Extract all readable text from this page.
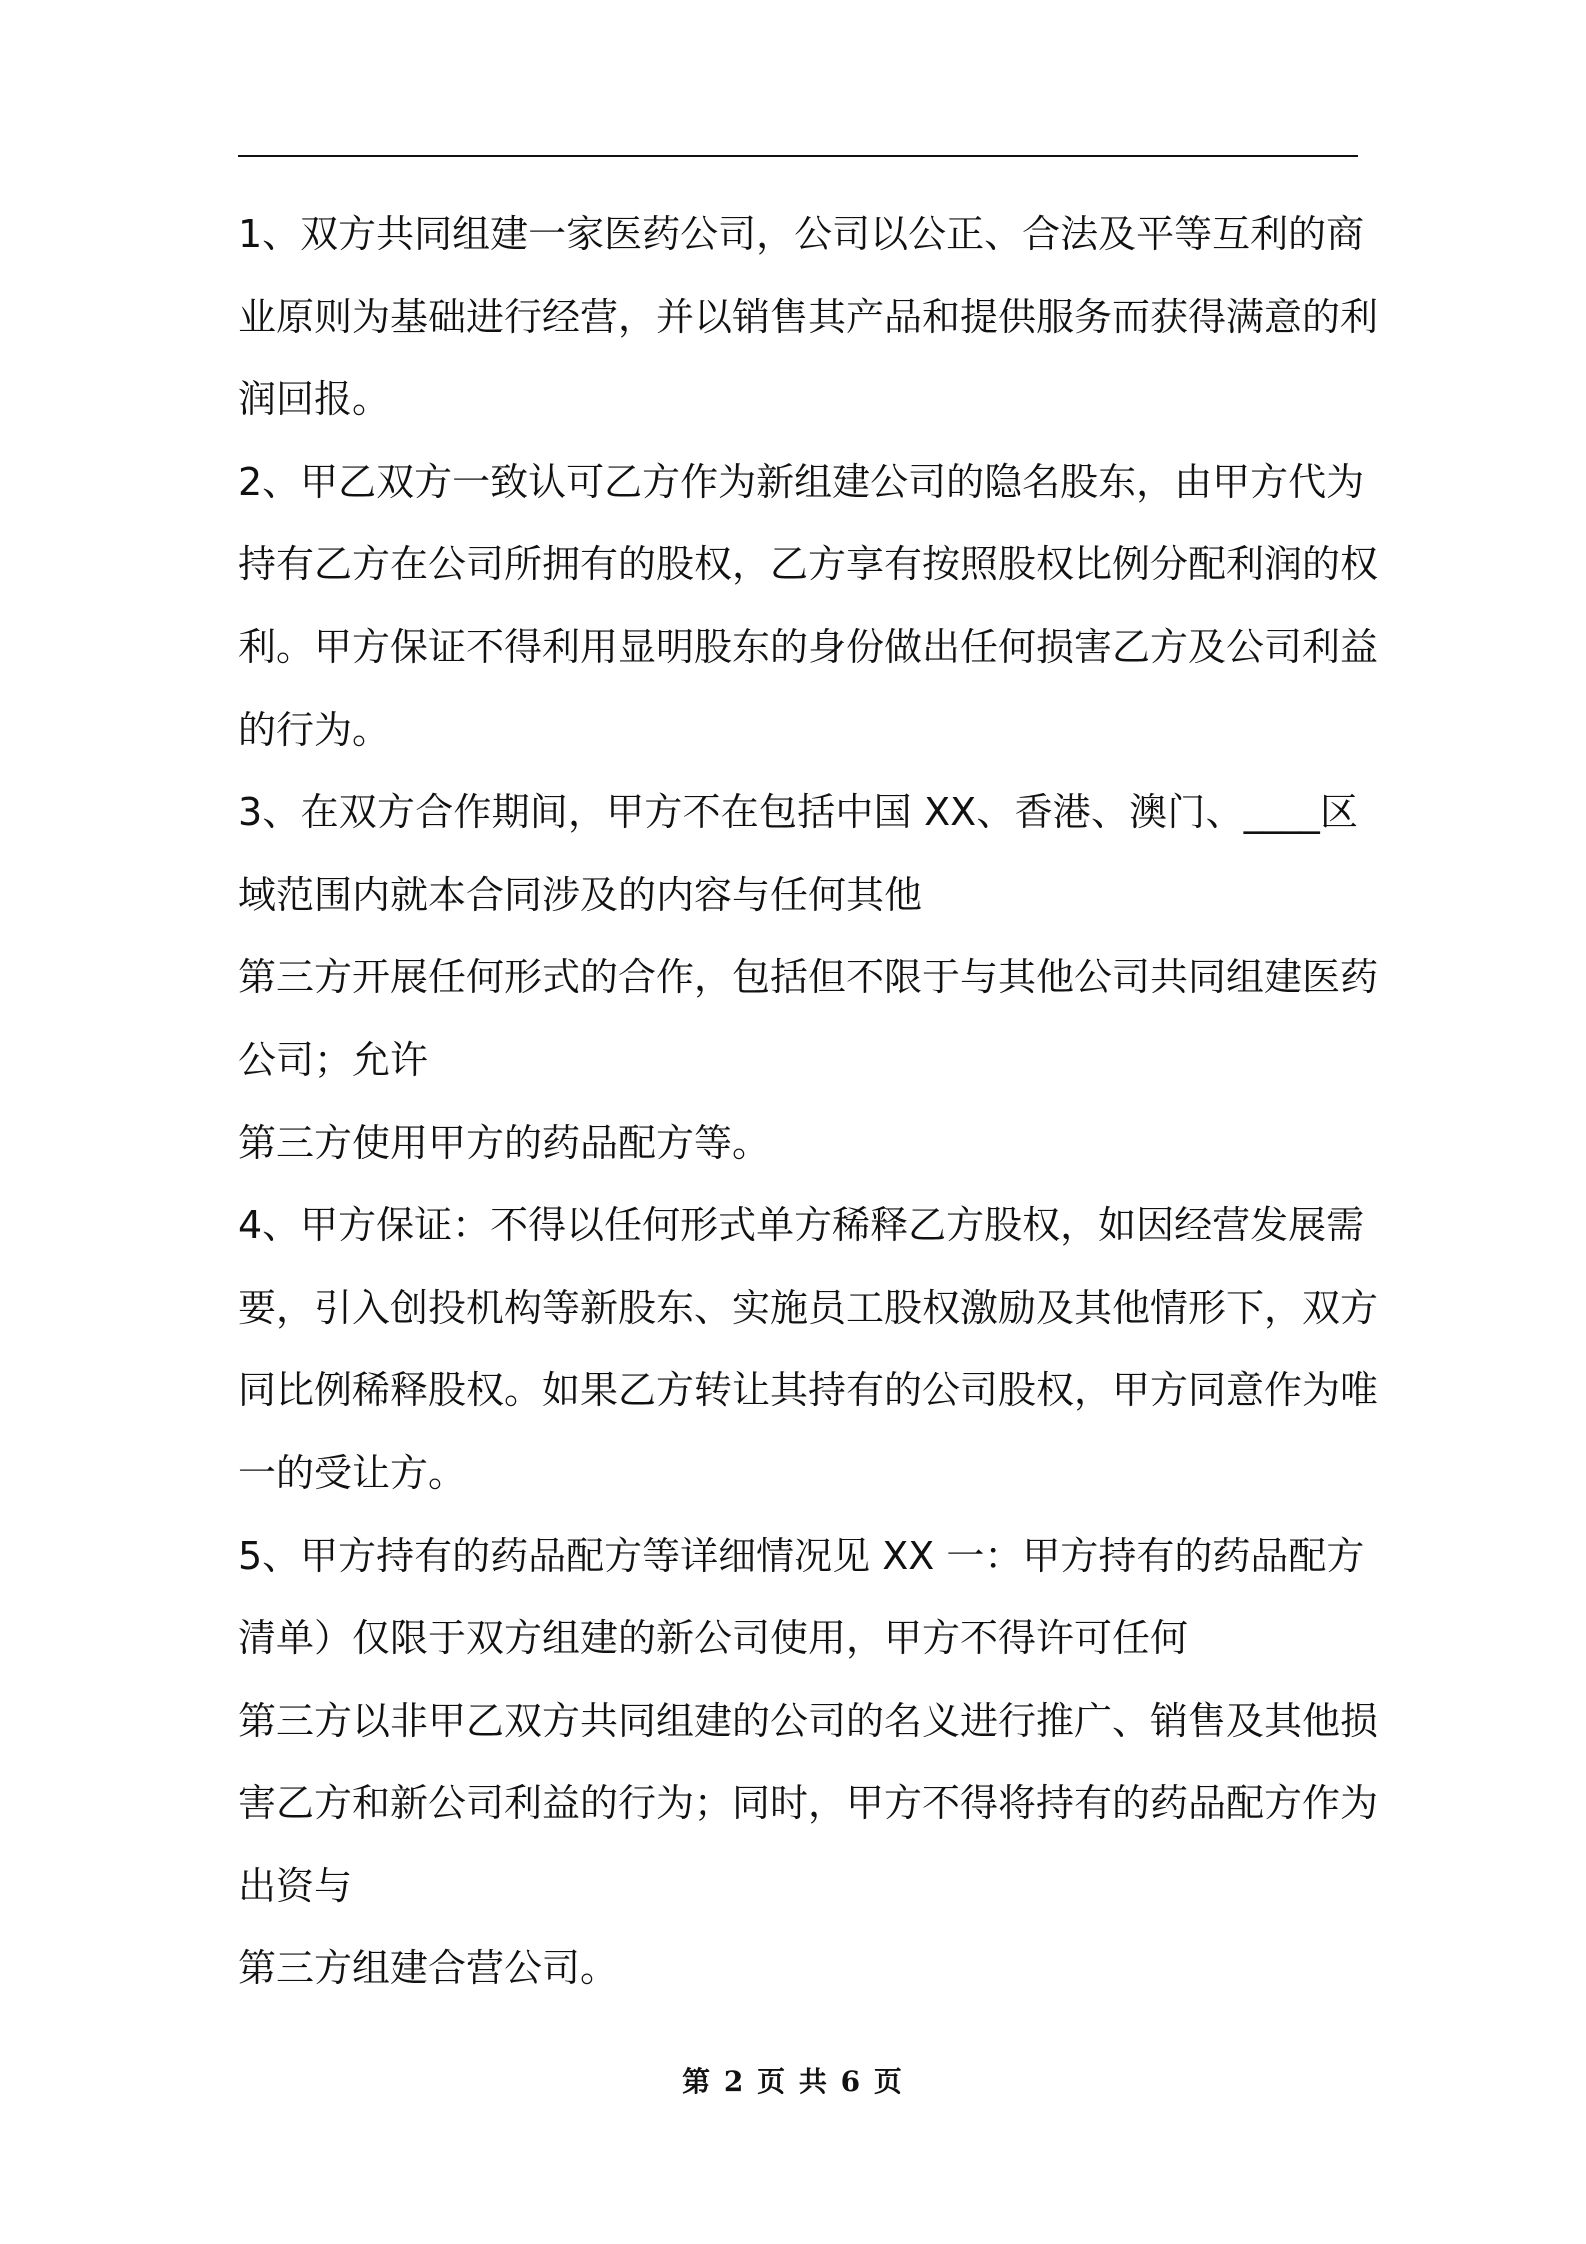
1、双方共同组建一家医药公司，公司以公正、合法及平等互利的商
业原则为基础进行经营，并以销售其产品和提供服务而获得满意的利
润回报。
2、甲乙双方一致认可乙方作为新组建公司的隐名股东，由甲方代为
持有乙方在公司所拥有的股权，乙方享有按照股权比例分配利润的权
利。甲方保证不得利用显明股东的身份做出任何损害乙方及公司利益
的行为。
3、在双方合作期间，甲方不在包括中国 XX、香港、澳门、____区
域范围内就本合同涉及的内容与任何其他
第三方开展任何形式的合作，包括但不限于与其他公司共同组建医药
公司；允许
第三方使用甲方的药品配方等。
4、甲方保证：不得以任何形式单方稀释乙方股权，如因经营发展需
要，引入创投机构等新股东、实施员工股权激励及其他情形下，双方
同比例稀释股权。如果乙方转让其持有的公司股权，甲方同意作为唯
一的受让方。
5、甲方持有的药品配方等详细情况见 XX 一：甲方持有的药品配方
清单）仅限于双方组建的新公司使用，甲方不得许可任何
第三方以非甲乙双方共同组建的公司的名义进行推广、销售及其他损
害乙方和新公司利益的行为；同时，甲方不得将持有的药品配方作为
出资与
第三方组建合营公司。
第 2 页 共 6 页
